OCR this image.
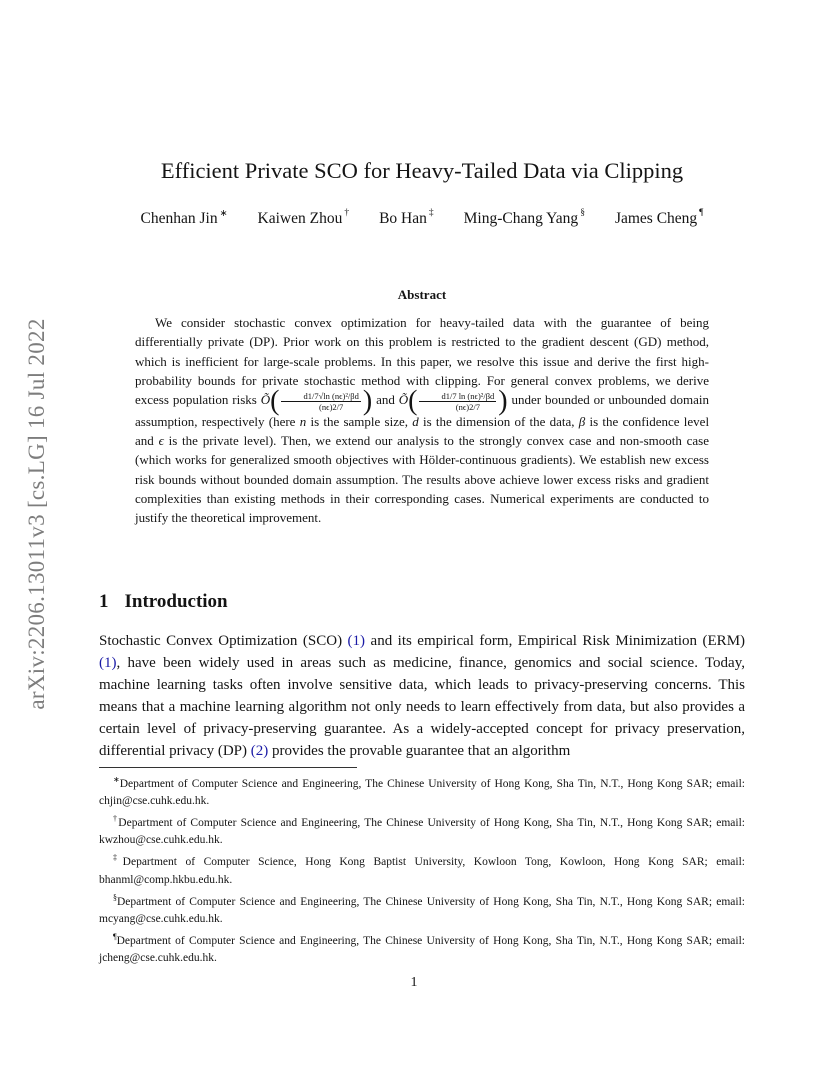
arXiv:2206.13011v3 [cs.LG] 16 Jul 2022
Efficient Private SCO for Heavy-Tailed Data via Clipping
Chenhan Jin ∗ Kaiwen Zhou † Bo Han ‡ Ming-Chang Yang § James Cheng ¶
Abstract

We consider stochastic convex optimization for heavy-tailed data with the guarantee of being differentially private (DP). Prior work on this problem is restricted to the gradient descent (GD) method, which is inefficient for large-scale problems. In this paper, we resolve this issue and derive the first high-probability bounds for private stochastic method with clipping. For general convex problems, we derive excess population risks Õ( $\frac{\text{d1/7√ln (nϵ)²/βd}}{(n\epsilon)2/7}$ ) and Õ( $\frac{\text{d1/7 ln (nϵ)²/βd}}{(n\epsilon)2/7}$ ) under bounded or unbounded domain assumption, respectively (here n is the sample size, d is the dimension of the data, β is the confidence level and ϵ is the private level). Then, we extend our analysis to the strongly convex case and non-smooth case (which works for generalized smooth objectives with Hölder-continuous gradients). We establish new excess risk bounds without bounded domain assumption. The results above achieve lower excess risks and gradient complexities than existing methods in their corresponding cases. Numerical experiments are conducted to justify the theoretical improvement.

1 Introduction
Stochastic Convex Optimization (SCO) (1) and its empirical form, Empirical Risk Minimization (ERM) (1), have been widely used in areas such as medicine, finance, genomics and social science. Today, machine learning tasks often involve sensitive data, which leads to privacy-preserving concerns. This means that a machine learning algorithm not only needs to learn effectively from data, but also provides a certain level of privacy-preserving guarantee. As a widely-accepted concept for privacy preservation, differential privacy (DP) (2) provides the provable guarantee that an algorithm

∗Department of Computer Science and Engineering, The Chinese University of Hong Kong, Sha Tin, N.T., Hong Kong SAR; email: chjin@cse.cuhk.edu.hk.

†Department of Computer Science and Engineering, The Chinese University of Hong Kong, Sha Tin, N.T., Hong Kong SAR; email: kwzhou@cse.cuhk.edu.hk.

‡Department of Computer Science, Hong Kong Baptist University, Kowloon Tong, Kowloon, Hong Kong SAR; email: bhanml@comp.hkbu.edu.hk.

§Department of Computer Science and Engineering, The Chinese University of Hong Kong, Sha Tin, N.T., Hong Kong SAR; email: mcyang@cse.cuhk.edu.hk.

¶Department of Computer Science and Engineering, The Chinese University of Hong Kong, Sha Tin, N.T., Hong Kong SAR; email: jcheng@cse.cuhk.edu.hk.

1
